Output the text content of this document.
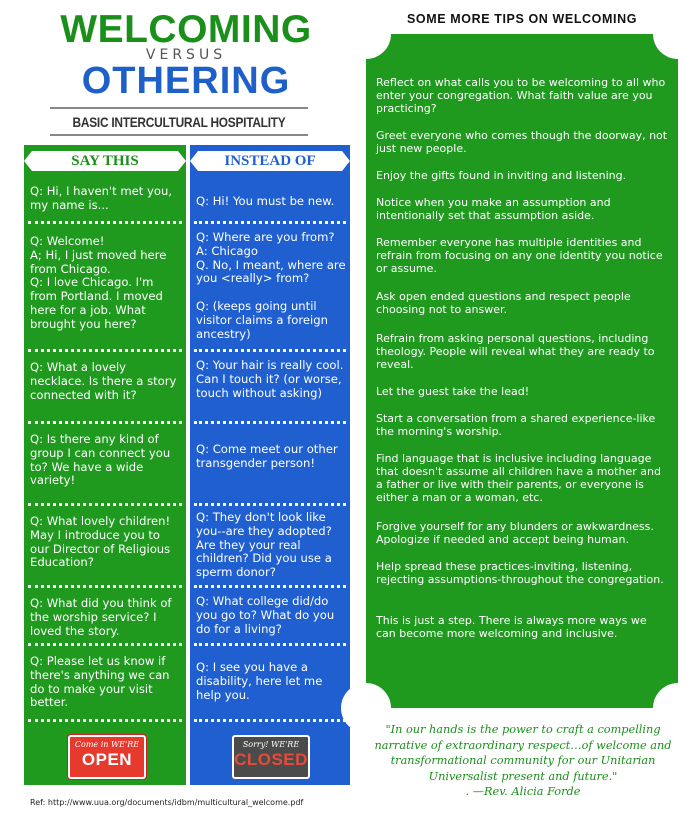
WELCOMING
VERSUS
OTHERING
BASIC INTERCULTURAL HOSPITALITY
SAY THIS
Q: Hi, I haven't met you, my name is...
Q: Welcome!
A; Hi, I just moved here from Chicago.
Q: I love Chicago. I'm from Portland. I moved here for a job. What brought you here?
Q: What a lovely necklace. Is there a story connected with it?
Q: Is there any kind of group I can connect you to? We have a wide variety!
Q: What lovely children! May I introduce you to our Director of Religious Education?
Q: What did you think of the worship service? I loved the story.
Q: Please let us know if there's anything we can do to make your visit better.
Come in WE'RE
OPEN
INSTEAD OF
Q: Hi! You must be new.
Q: Where are you from?
A: Chicago
Q. No, I meant, where are you <really> from?

Q: (keeps going until visitor claims a foreign ancestry)
Q: Your hair is really cool. Can I touch it? (or worse, touch without asking)
Q: Come meet our other transgender person!
Q: They don't look like you--are they adopted? Are they your real children? Did you use a sperm donor?
Q: What college did/do you go to? What do you do for a living?
Q: I see you have a disability, here let me help you.
Sorry! WE'RE
CLOSED
Ref: http://www.uua.org/documents/idbm/multicultural_welcome.pdf
SOME MORE TIPS ON WELCOMING
Reflect on what calls you to be welcoming to all who enter your congregation. What faith value are you practicing?
Greet everyone who comes though the doorway, not just new people.
Enjoy the gifts found in inviting and listening.
Notice when you make an assumption and intentionally set that assumption aside.
Remember everyone has multiple identities and refrain from focusing on any one identity you notice or assume.
Ask open ended questions and respect people choosing not to answer.
Refrain from asking personal questions, including theology. People will reveal what they are ready to reveal.
Let the guest take the lead!
Start a conversation from a shared experience-like the morning's worship.
Find language that is inclusive including language that doesn't assume all children have a mother and a father or live with their parents, or everyone is either a man or a woman, etc.
Forgive yourself for any blunders or awkwardness. Apologize if needed and accept being human.
Help spread these practices-inviting, listening, rejecting assumptions-throughout the congregation.
This is just a step. There is always more ways we can become more welcoming and inclusive.
"In our hands is the power to craft a compelling narrative of extraordinary respect…of welcome and transformational community for our Unitarian Universalist present and future."
. —Rev. Alicia Forde
